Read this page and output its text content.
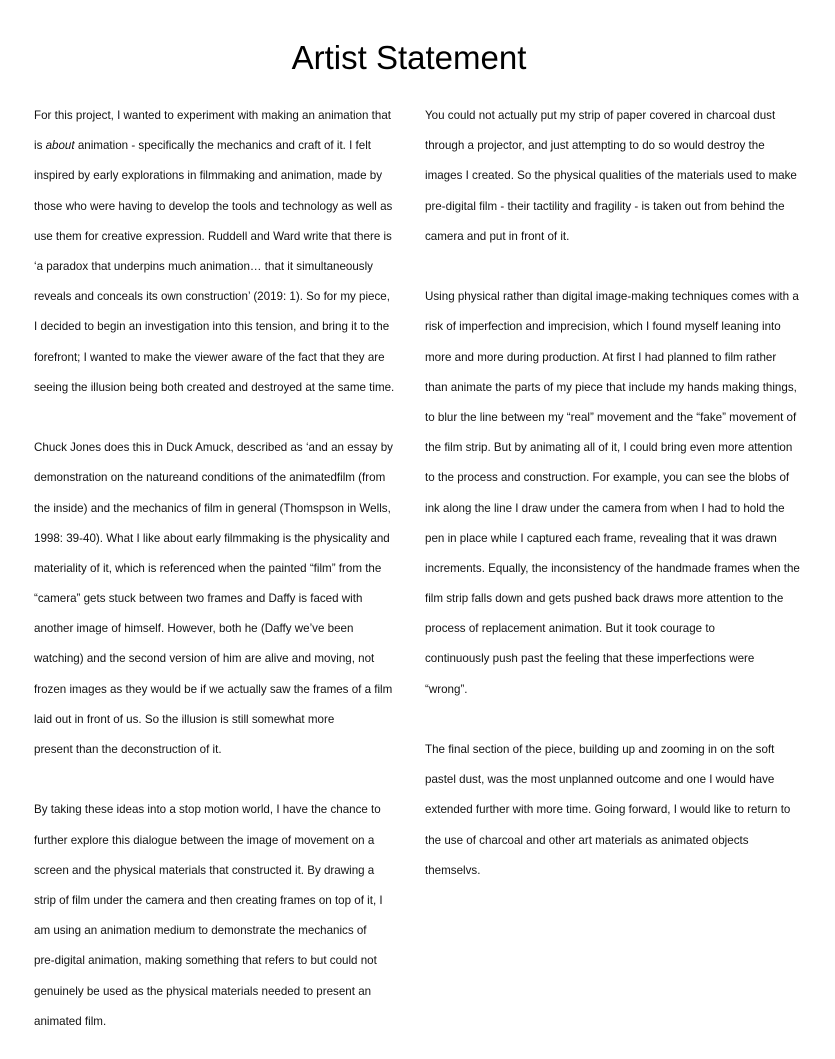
Artist Statement

For this project, I wanted to experiment with making an animation that

is about animation - specifically the mechanics and craft of it. I felt

inspired by early explorations in filmmaking and animation, made by

those who were having to develop the tools and technology as well as

use them for creative expression. Ruddell and Ward write that there is

‘a paradox that underpins much animation… that it simultaneously

reveals and conceals its own construction’ (2019: 1). So for my piece,

I decided to begin an investigation into this tension, and bring it to the

forefront; I wanted to make the viewer aware of the fact that they are

seeing the illusion being both created and destroyed at the same time.

Chuck Jones does this in Duck Amuck, described as ‘and an essay by

demonstration on the natureand conditions of the animatedfilm (from

the inside) and the mechanics of film in general (Thomspson in Wells,

1998: 39-40). What I like about early filmmaking is the physicality and

materiality of it, which is referenced when the painted “film” from the

“camera” gets stuck between two frames and Daffy is faced with

another image of himself. However, both he (Daffy we’ve been

watching) and the second version of him are alive and moving, not

frozen images as they would be if we actually saw the frames of a film

laid out in front of us. So the illusion is still somewhat more

present than the deconstruction of it.

By taking these ideas into a stop motion world, I have the chance to

further explore this dialogue between the image of movement on a

screen and the physical materials that constructed it. By drawing a

strip of film under the camera and then creating frames on top of it, I

am using an animation medium to demonstrate the mechanics of

pre-digital animation, making something that refers to but could not

genuinely be used as the physical materials needed to present an

animated film.

You could not actually put my strip of paper covered in charcoal dust

through a projector, and just attempting to do so would destroy the

images I created. So the physical qualities of the materials used to make

pre-digital film - their tactility and fragility - is taken out from behind the

camera and put in front of it.

Using physical rather than digital image-making techniques comes with a

risk of imperfection and imprecision, which I found myself leaning into

more and more during production. At first I had planned to film rather

than animate the parts of my piece that include my hands making things,

to blur the line between my “real” movement and the “fake” movement of

the film strip. But by animating all of it, I could bring even more attention

to the process and construction. For example, you can see the blobs of

ink along the line I draw under the camera from when I had to hold the

pen in place while I captured each frame, revealing that it was drawn

increments. Equally, the inconsistency of the handmade frames when the

film strip falls down and gets pushed back draws more attention to the

process of replacement animation. But it took courage to

continuously push past the feeling that these imperfections were

“wrong”.

The final section of the piece, building up and zooming in on the soft

pastel dust, was the most unplanned outcome and one I would have

extended further with more time. Going forward, I would like to return to

the use of charcoal and other art materials as animated objects

themselvs.
